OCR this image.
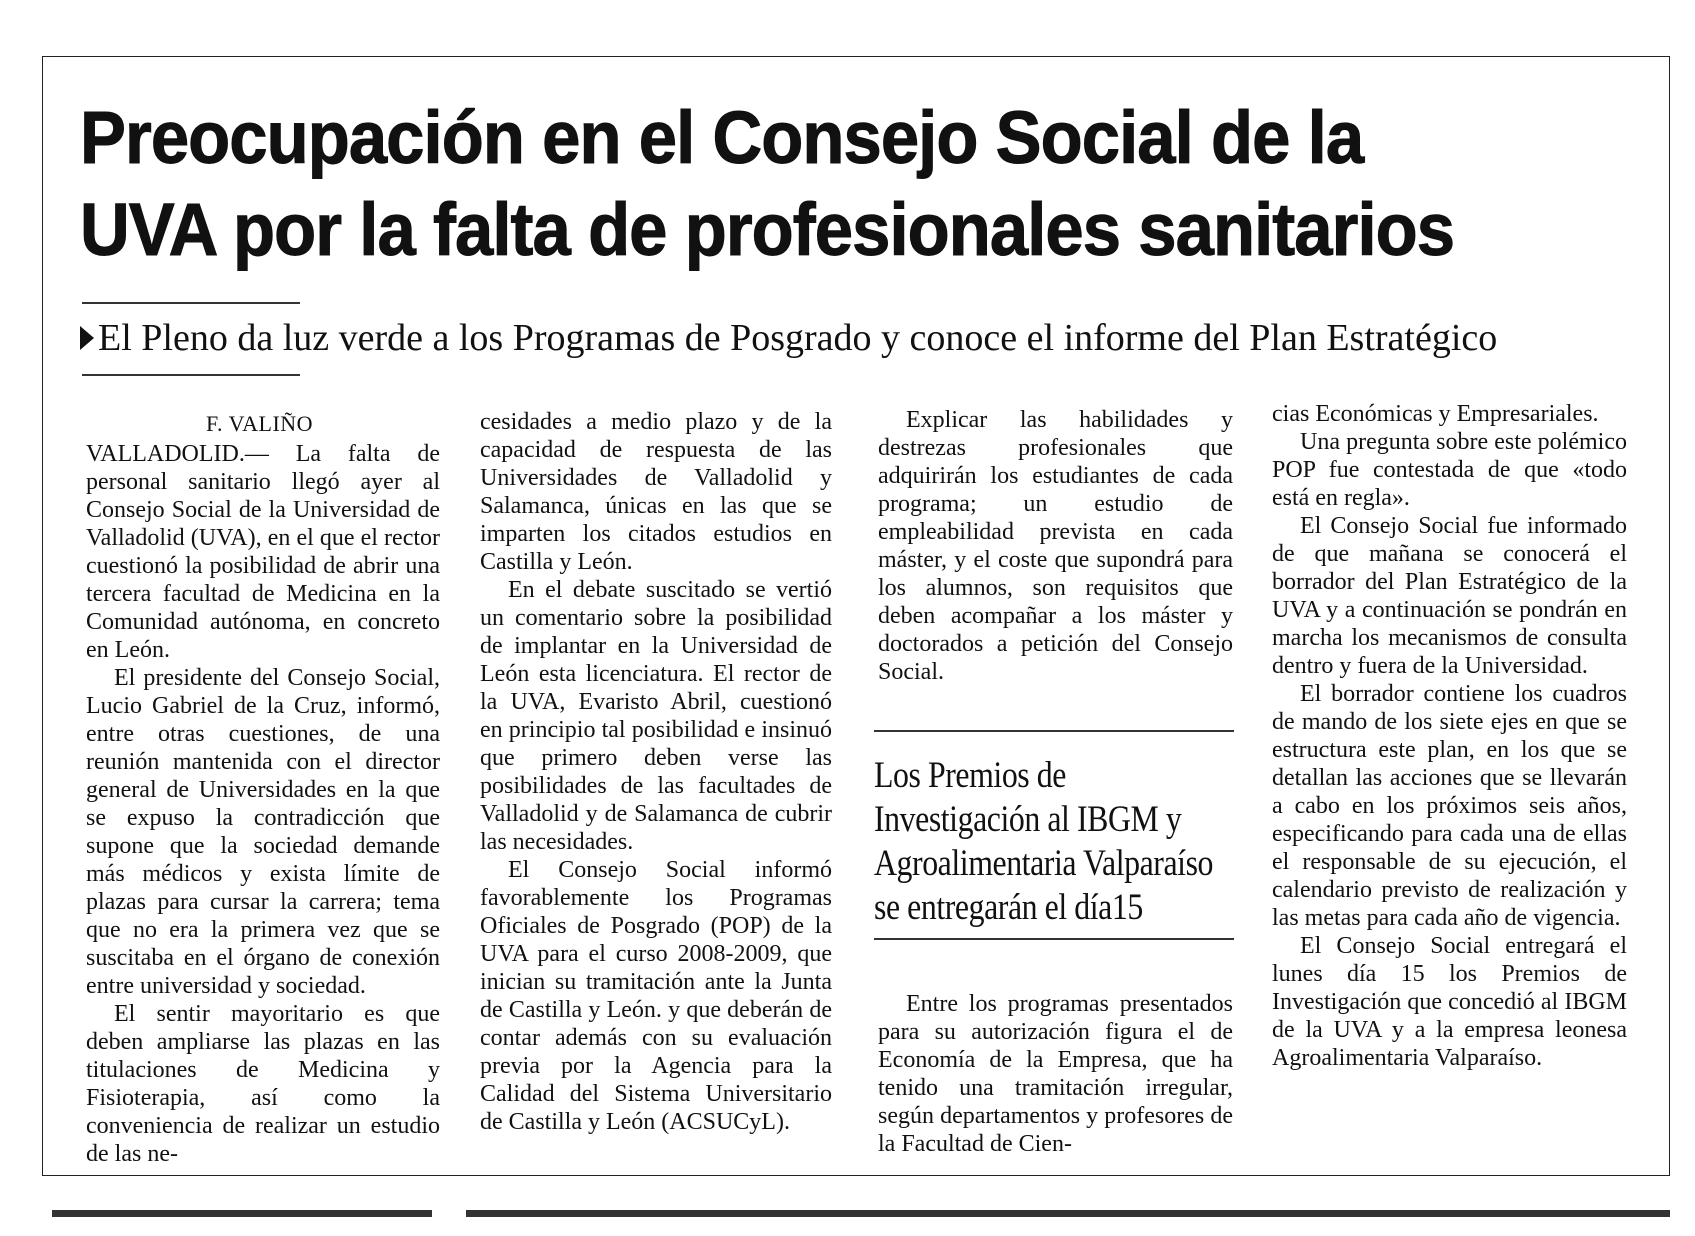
Preocupación en el Consejo Social de la
UVA por la falta de profesionales sanitarios
El Pleno da luz verde a los Programas de Posgrado y conoce el informe del Plan Estratégico
F. VALIÑO

VALLADOLID.— La falta de personal sanitario llegó ayer al Consejo Social de la Universidad de Valladolid (UVA), en el que el rector cuestionó la posibilidad de abrir una tercera facultad de Medicina en la Comunidad autónoma, en concreto en León.

El presidente del Consejo Social, Lucio Gabriel de la Cruz, informó, entre otras cuestiones, de una reunión mantenida con el director general de Universidades en la que se expuso la contradicción que supone que la sociedad demande más médicos y exista límite de plazas para cursar la carrera; tema que no era la primera vez que se suscitaba en el órgano de conexión entre universidad y sociedad.

El sentir mayoritario es que deben ampliarse las plazas en las titulaciones de Medicina y Fisioterapia, así como la conveniencia de realizar un estudio de las ne-

cesidades a medio plazo y de la capacidad de respuesta de las Universidades de Valladolid y Salamanca, únicas en las que se imparten los citados estudios en Castilla y León.

En el debate suscitado se vertió un comentario sobre la posibilidad de implantar en la Universidad de León esta licenciatura. El rector de la UVA, Evaristo Abril, cuestionó en principio tal posibilidad e insinuó que primero deben verse las posibilidades de las facultades de Valladolid y de Salamanca de cubrir las necesidades.

El Consejo Social informó favorablemente los Programas Oficiales de Posgrado (POP) de la UVA para el curso 2008-2009, que inician su tramitación ante la Junta de Castilla y León. y que deberán de contar además con su evaluación previa por la Agencia para la Calidad del Sistema Universitario de Castilla y León (ACSUCyL).

Explicar las habilidades y destrezas profesionales que adquirirán los estudiantes de cada programa; un estudio de empleabilidad prevista en cada máster, y el coste que supondrá para los alumnos, son requisitos que deben acompañar a los máster y doctorados a petición del Consejo Social.

Entre los programas presentados para su autorización figura el de Economía de la Empresa, que ha tenido una tramitación irregular, según departamentos y profesores de la Facultad de Cien-

Los Premios de
Investigación al IBGM y
Agroalimentaria Valparaíso
se entregarán el día15

cias Económicas y Empresariales.

Una pregunta sobre este polémico POP fue contestada de que «todo está en regla».

El Consejo Social fue informado de que mañana se conocerá el borrador del Plan Estratégico de la UVA y a continuación se pondrán en marcha los mecanismos de consulta dentro y fuera de la Universidad.

El borrador contiene los cuadros de mando de los siete ejes en que se estructura este plan, en los que se detallan las acciones que se llevarán a cabo en los próximos seis años, especificando para cada una de ellas el responsable de su ejecución, el calendario previsto de realización y las metas para cada año de vigencia.

El Consejo Social entregará el lunes día 15 los Premios de Investigación que concedió al IBGM de la UVA y a la empresa leonesa Agroalimentaria Valparaíso.
